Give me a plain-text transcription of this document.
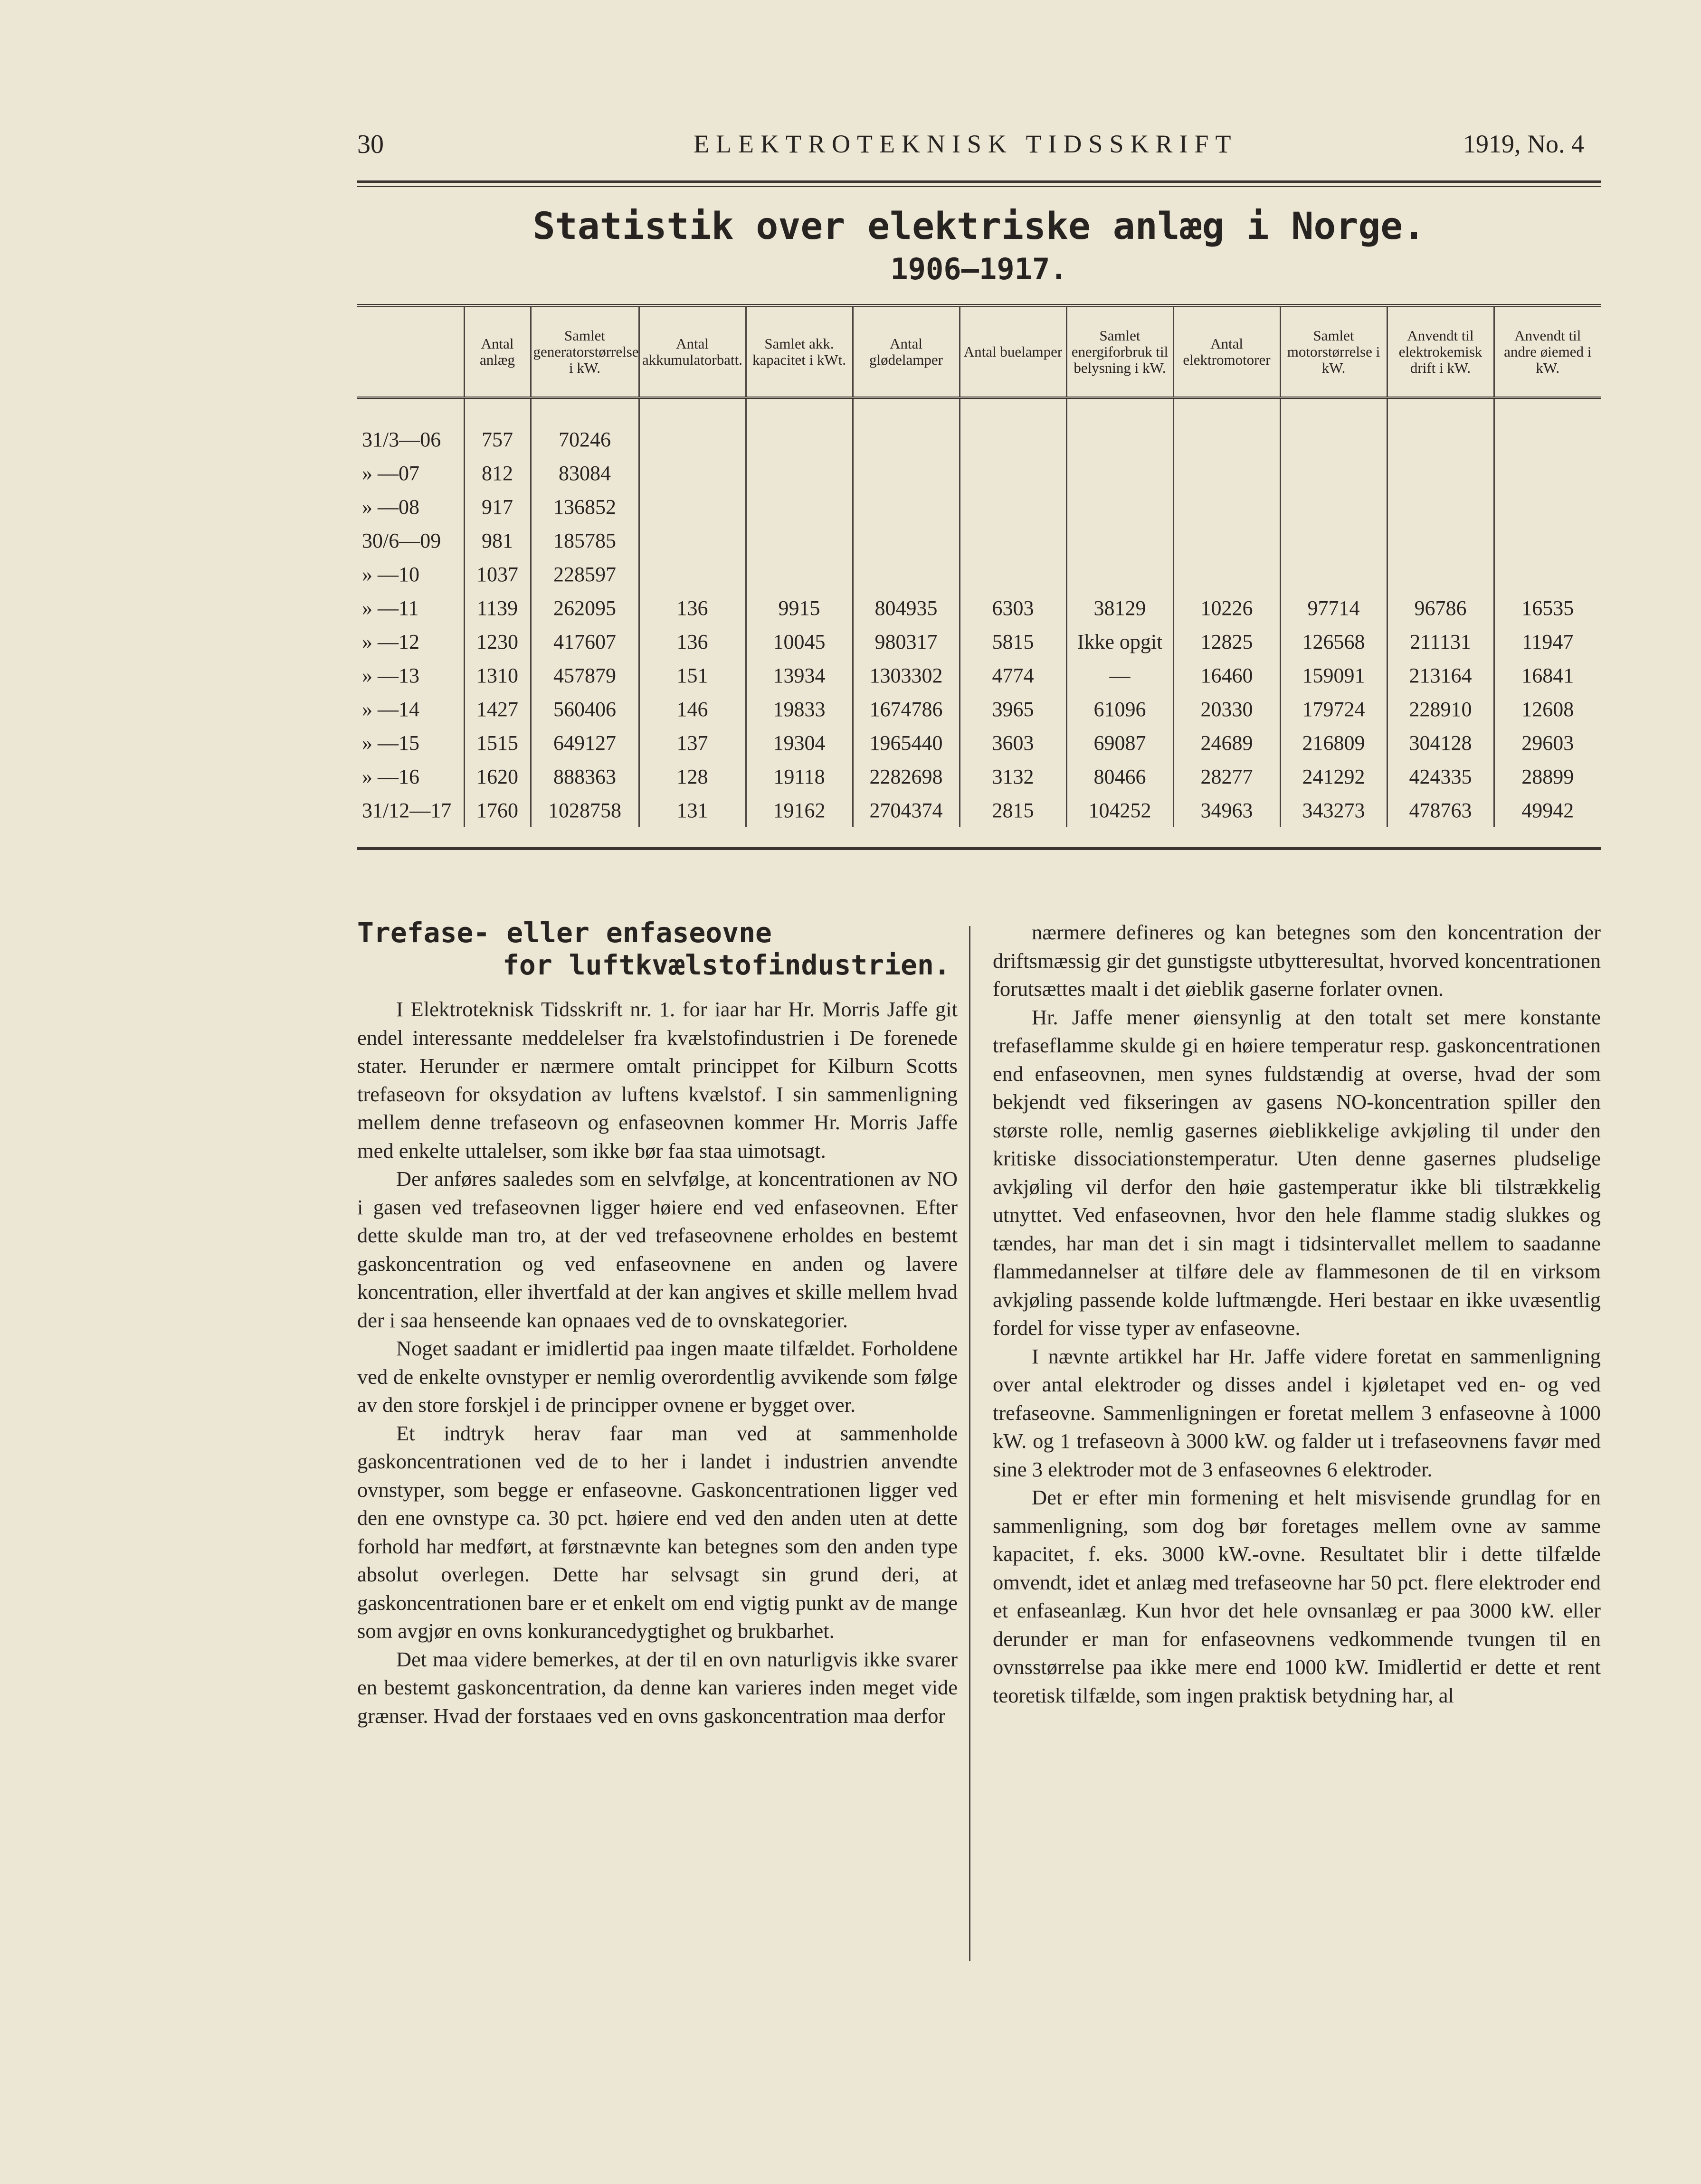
30	ELEKTROTEKNISK TIDSSKRIFT	1919, No. 4
Statistik over elektriske anlæg i Norge.
1906—1917.
	Antal anlæg	Samlet generatorstørrelse i kW.	Antal akkumulatorbatt.	Samlet akk. kapacitet i kWt.	Antal glødelamper	Antal buelamper	Samlet energiforbruk til belysning i kW.	Antal elektromotorer	Samlet motorstørrelse i kW.	Anvendt til elektrokemisk drift i kW.	Anvendt til andre øiemed i kW.

31/3—06	757	70246									
» —07	812	83084									
» —08	917	136852									
30/6—09	981	185785									
» —10	1037	228597									
» —11	1139	262095	136	9915	804935	6303	38129	10226	97714	96786	16535
» —12	1230	417607	136	10045	980317	5815	Ikke opgit	12825	126568	211131	11947
» —13	1310	457879	151	13934	1303302	4774	—	16460	159091	213164	16841
» —14	1427	560406	146	19833	1674786	3965	61096	20330	179724	228910	12608
» —15	1515	649127	137	19304	1965440	3603	69087	24689	216809	304128	29603
» —16	1620	888363	128	19118	2282698	3132	80466	28277	241292	424335	28899
31/12—17	1760	1028758	131	19162	2704374	2815	104252	34963	343273	478763	49942
Trefase- eller enfaseovne
for luftkvælstofindustrien.

I Elektroteknisk Tidsskrift nr. 1. for iaar har Hr. Morris Jaffe git endel interessante meddelelser fra kvælstofindustrien i De forenede stater. Herunder er nærmere omtalt princippet for Kilburn Scotts trefaseovn for oksydation av luftens kvælstof. I sin sammenligning mellem denne trefaseovn og enfaseovnen kommer Hr. Morris Jaffe med enkelte uttalelser, som ikke bør faa staa uimotsagt.

Der anføres saaledes som en selvfølge, at koncentrationen av NO i gasen ved trefaseovnen ligger høiere end ved enfaseovnen. Efter dette skulde man tro, at der ved trefaseovnene erholdes en bestemt gaskoncentration og ved enfaseovnene en anden og lavere koncentration, eller ihvertfald at der kan angives et skille mellem hvad der i saa henseende kan opnaaes ved de to ovnskategorier.

Noget saadant er imidlertid paa ingen maate tilfældet. Forholdene ved de enkelte ovnstyper er nemlig overordentlig avvikende som følge av den store forskjel i de principper ovnene er bygget over.

Et indtryk herav faar man ved at sammenholde gaskoncentrationen ved de to her i landet i industrien anvendte ovnstyper, som begge er enfaseovne. Gaskoncentrationen ligger ved den ene ovnstype ca. 30 pct. høiere end ved den anden uten at dette forhold har medført, at førstnævnte kan betegnes som den anden type absolut overlegen. Dette har selvsagt sin grund deri, at gaskoncentrationen bare er et enkelt om end vigtig punkt av de mange som avgjør en ovns konkurancedygtighet og brukbarhet.

Det maa videre bemerkes, at der til en ovn naturligvis ikke svarer en bestemt gaskoncentration, da denne kan varieres inden meget vide grænser. Hvad der forstaaes ved en ovns gaskoncentration maa derfor

nærmere defineres og kan betegnes som den koncentration der driftsmæssig gir det gunstigste utbytteresultat, hvorved koncentrationen forutsættes maalt i det øieblik gaserne forlater ovnen.

Hr. Jaffe mener øiensynlig at den totalt set mere konstante trefaseflamme skulde gi en høiere temperatur resp. gaskoncentrationen end enfaseovnen, men synes fuldstændig at overse, hvad der som bekjendt ved fikseringen av gasens NO-koncentration spiller den største rolle, nemlig gasernes øieblikkelige avkjøling til under den kritiske dissociationstemperatur. Uten denne gasernes pludselige avkjøling vil derfor den høie gastemperatur ikke bli tilstrækkelig utnyttet. Ved enfaseovnen, hvor den hele flamme stadig slukkes og tændes, har man det i sin magt i tidsintervallet mellem to saadanne flammedannelser at tilføre dele av flammesonen de til en virksom avkjøling passende kolde luftmængde. Heri bestaar en ikke uvæsentlig fordel for visse typer av enfaseovne.

I nævnte artikkel har Hr. Jaffe videre foretat en sammenligning over antal elektroder og disses andel i kjøletapet ved en- og ved trefaseovne. Sammenligningen er foretat mellem 3 enfaseovne à 1000 kW. og 1 trefaseovn à 3000 kW. og falder ut i trefaseovnens favør med sine 3 elektroder mot de 3 enfaseovnes 6 elektroder.

Det er efter min formening et helt misvisende grundlag for en sammenligning, som dog bør foretages mellem ovne av samme kapacitet, f. eks. 3000 kW.-ovne. Resultatet blir i dette tilfælde omvendt, idet et anlæg med trefaseovne har 50 pct. flere elektroder end et enfaseanlæg. Kun hvor det hele ovnsanlæg er paa 3000 kW. eller derunder er man for enfaseovnens vedkommende tvungen til en ovnsstørrelse paa ikke mere end 1000 kW. Imidlertid er dette et rent teoretisk tilfælde, som ingen praktisk betydning har, al
